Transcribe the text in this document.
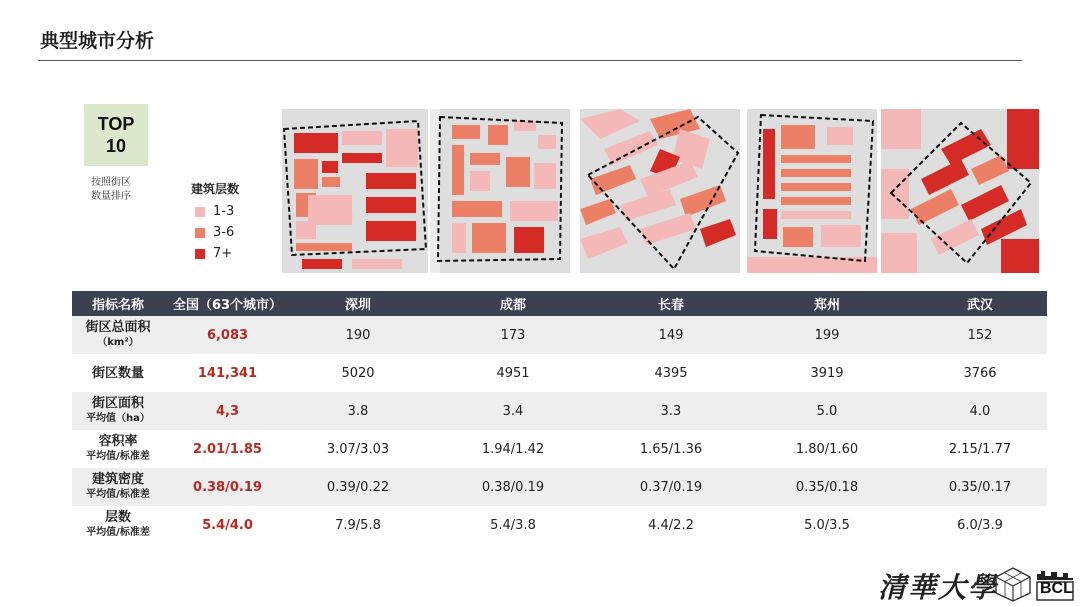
典型城市分析
TOP
10
按照街区
数量排序
建筑层数
1-3
3-6
7+
指标名称	全国（63个城市）	深圳	成都	长春	郑州	武汉
街区总面积
（km²）	6,083	190	173	149	199	152
街区数量	141,341	5020	4951	4395	3919	3766
街区面积
平均值（ha）	4,3	3.8	3.4	3.3	5.0	4.0
容积率
平均值/标准差	2.01/1.85	3.07/3.03	1.94/1.42	1.65/1.36	1.80/1.60	2.15/1.77
建筑密度
平均值/标准差	0.38/0.19	0.39/0.22	0.38/0.19	0.37/0.19	0.35/0.18	0.35/0.17
层数
平均值/标准差	5.4/4.0	7.9/5.8	5.4/3.8	4.4/2.2	5.0/3.5	6.0/3.9
清華大學	BCL
